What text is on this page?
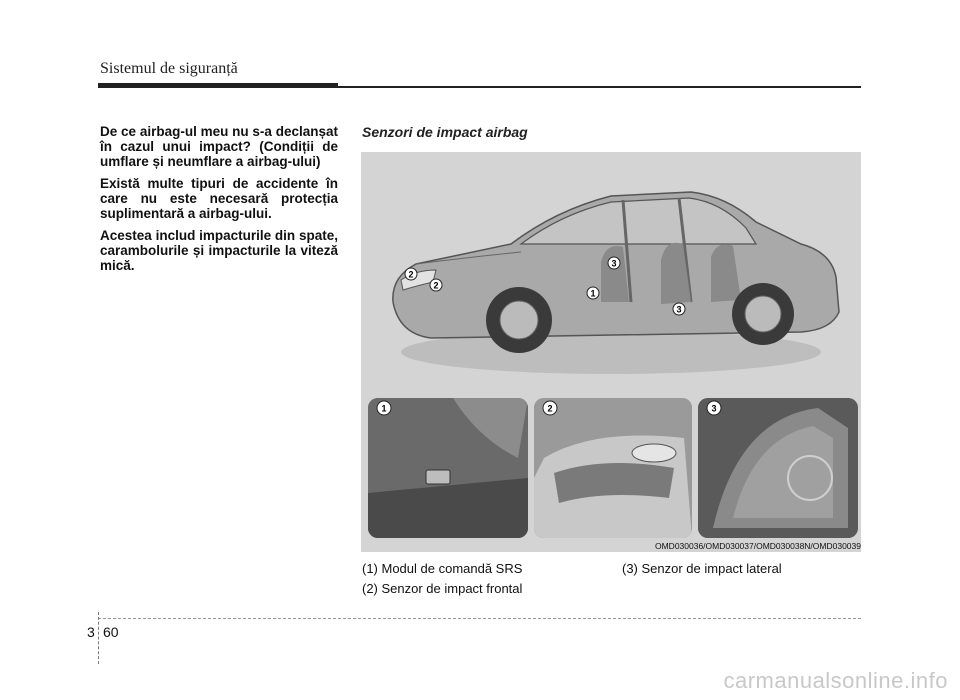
Sistemul de siguranță

De ce airbag-ul meu nu s-a declanșat în cazul unui impact? (Condiții de umflare și neumflare a airbag-ului)

Există multe tipuri de accidente în care nu este necesară protecția suplimentară a airbag-ului.

Acestea includ impacturile din spate, carambolurile și impacturile la viteză mică.

Senzori de impact airbag
2
2
3
1
3
1	2	3
OMD030036/OMD030037/OMD030038N/OMD030039
(1) Modul de comandă SRS
(2) Senzor de impact frontal
(3) Senzor de impact lateral
3 60
carmanualsonline.info
